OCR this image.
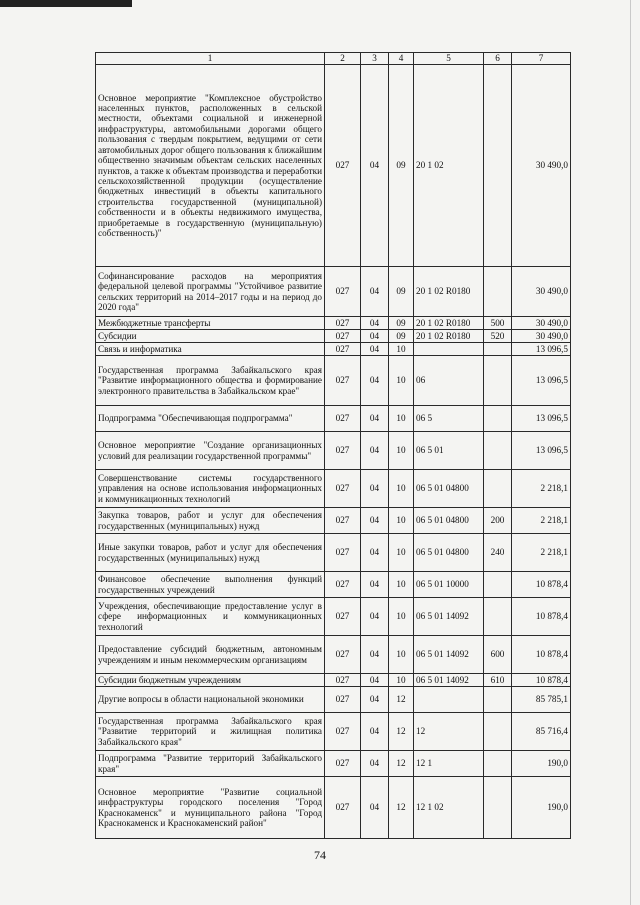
1	2	3	4	5	6	7
Основное мероприятие "Комплексное обустройство населенных пунктов, расположенных в сельской местности, объектами социальной и инженерной инфраструктуры, автомобильными дорогами общего пользования с твердым покрытием, ведущими от сети автомобильных дорог общего пользования к ближайшим общественно значимым объектам сельских населенных пунктов, а также к объектам производства и переработки сельскохозяйственной продукции (осуществление бюджетных инвестиций в объекты капитального строительства государственной (муниципальной) собственности и в объекты недвижимого имущества, приобретаемые в государственную (муниципальную) собственность)"	027	04	09	20 1 02		30 490,0
Софинансирование расходов на мероприятия федеральной целевой программы "Устойчивое развитие сельских территорий на 2014–2017 годы и на период до 2020 года"	027	04	09	20 1 02 R0180		30 490,0
Межбюджетные трансферты	027	04	09	20 1 02 R0180	500	30 490,0
Субсидии	027	04	09	20 1 02 R0180	520	30 490,0
Связь и информатика	027	04	10			13 096,5
Государственная программа Забайкальского края "Развитие информационного общества и формирование электронного правительства в Забайкальском крае"	027	04	10	06		13 096,5
Подпрограмма "Обеспечивающая подпрограмма"	027	04	10	06 5		13 096,5
Основное мероприятие "Создание организационных условий для реализации государственной программы"	027	04	10	06 5 01		13 096,5
Совершенствование системы государственного управления на основе использования информационных и коммуникационных технологий	027	04	10	06 5 01 04800		2 218,1
Закупка товаров, работ и услуг для обеспечения государственных (муниципальных) нужд	027	04	10	06 5 01 04800	200	2 218,1
Иные закупки товаров, работ и услуг для обеспечения государственных (муниципальных) нужд	027	04	10	06 5 01 04800	240	2 218,1
Финансовое обеспечение выполнения функций государственных учреждений	027	04	10	06 5 01 10000		10 878,4
Учреждения, обеспечивающие предоставление услуг в сфере информационных и коммуникационных технологий	027	04	10	06 5 01 14092		10 878,4
Предоставление субсидий бюджетным, автономным учреждениям и иным некоммерческим организациям	027	04	10	06 5 01 14092	600	10 878,4
Субсидии бюджетным учреждениям	027	04	10	06 5 01 14092	610	10 878,4
Другие вопросы в области национальной экономики	027	04	12			85 785,1
Государственная программа Забайкальского края "Развитие территорий и жилищная политика Забайкальского края"	027	04	12	12		85 716,4
Подпрограмма "Развитие территорий Забайкальского края"	027	04	12	12 1		190,0
Основное мероприятие "Развитие социальной инфраструктуры городского поселения "Город Краснокаменск" и муниципального района "Город Краснокаменск и Краснокаменский район"	027	04	12	12 1 02		190,0
74
